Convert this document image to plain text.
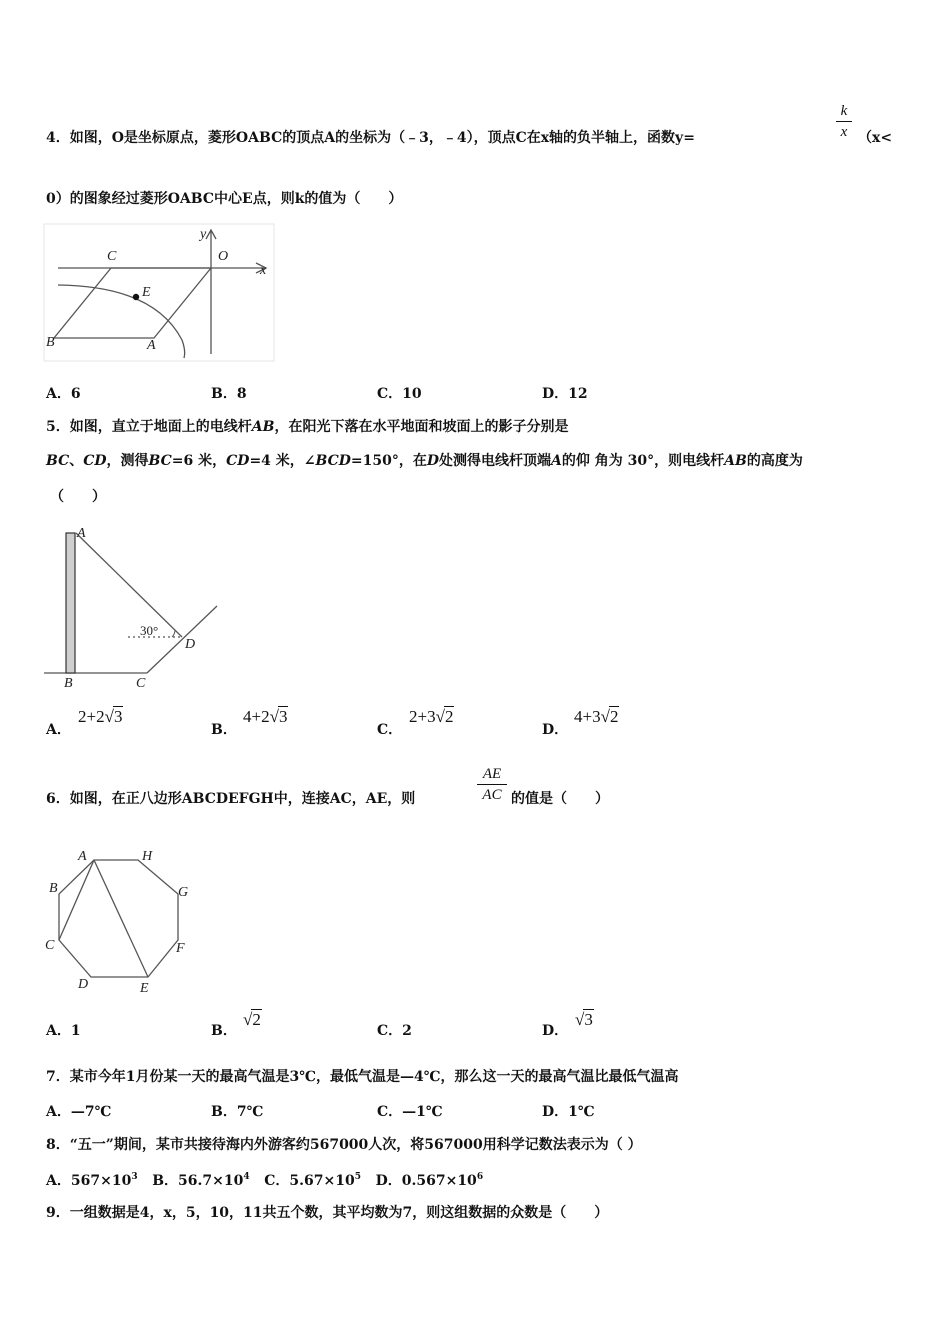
4．如图，O是坐标原点，菱形OABC的顶点A的坐标为（﹣3，﹣4），顶点C在x轴的负半轴上，函数y=
k
x （x<
0）的图象经过菱形OABC中心E点，则k的值为（　　）
C
y
O
x
E
B	A
A．6	B．8	C．10	D．12
5．如图，直立于地面上的电线杆AB，在阳光下落在水平地面和坡面上的影子分别是
BC、CD，测得BC=6 米，CD=4 米，∠BCD=150°，在D处测得电线杆顶端A的仰 角为 30°，则电线杆AB的高度为
（　　）
A
30°
D
B	C
A．
2+2√3
B．
4+2√3
C．
2+3√2
D．
4+3√2
6．如图，在正八边形ABCDEFGH中，连接AC，AE，则
AE
AC 的值是（　　）
A	H
B	G
C	F
D	E
A．1	B．
√2
C．2	D．
√3
7．某市今年1月份某一天的最高气温是3℃，最低气温是—4℃，那么这一天的最高气温比最低气温高
A．—7℃	B．7℃	C．—1℃	D．1℃
8．“五一”期间，某市共接待海内外游客约567000人次，将567000用科学记数法表示为（ ）
A．$567\times 10^3$ B．$56.7\times 10^4$ C．$5.67\times 10^5$ D．$0.567\times 10^6$
9．一组数据是4，x，5，10，11共五个数，其平均数为7，则这组数据的众数是（　　）
